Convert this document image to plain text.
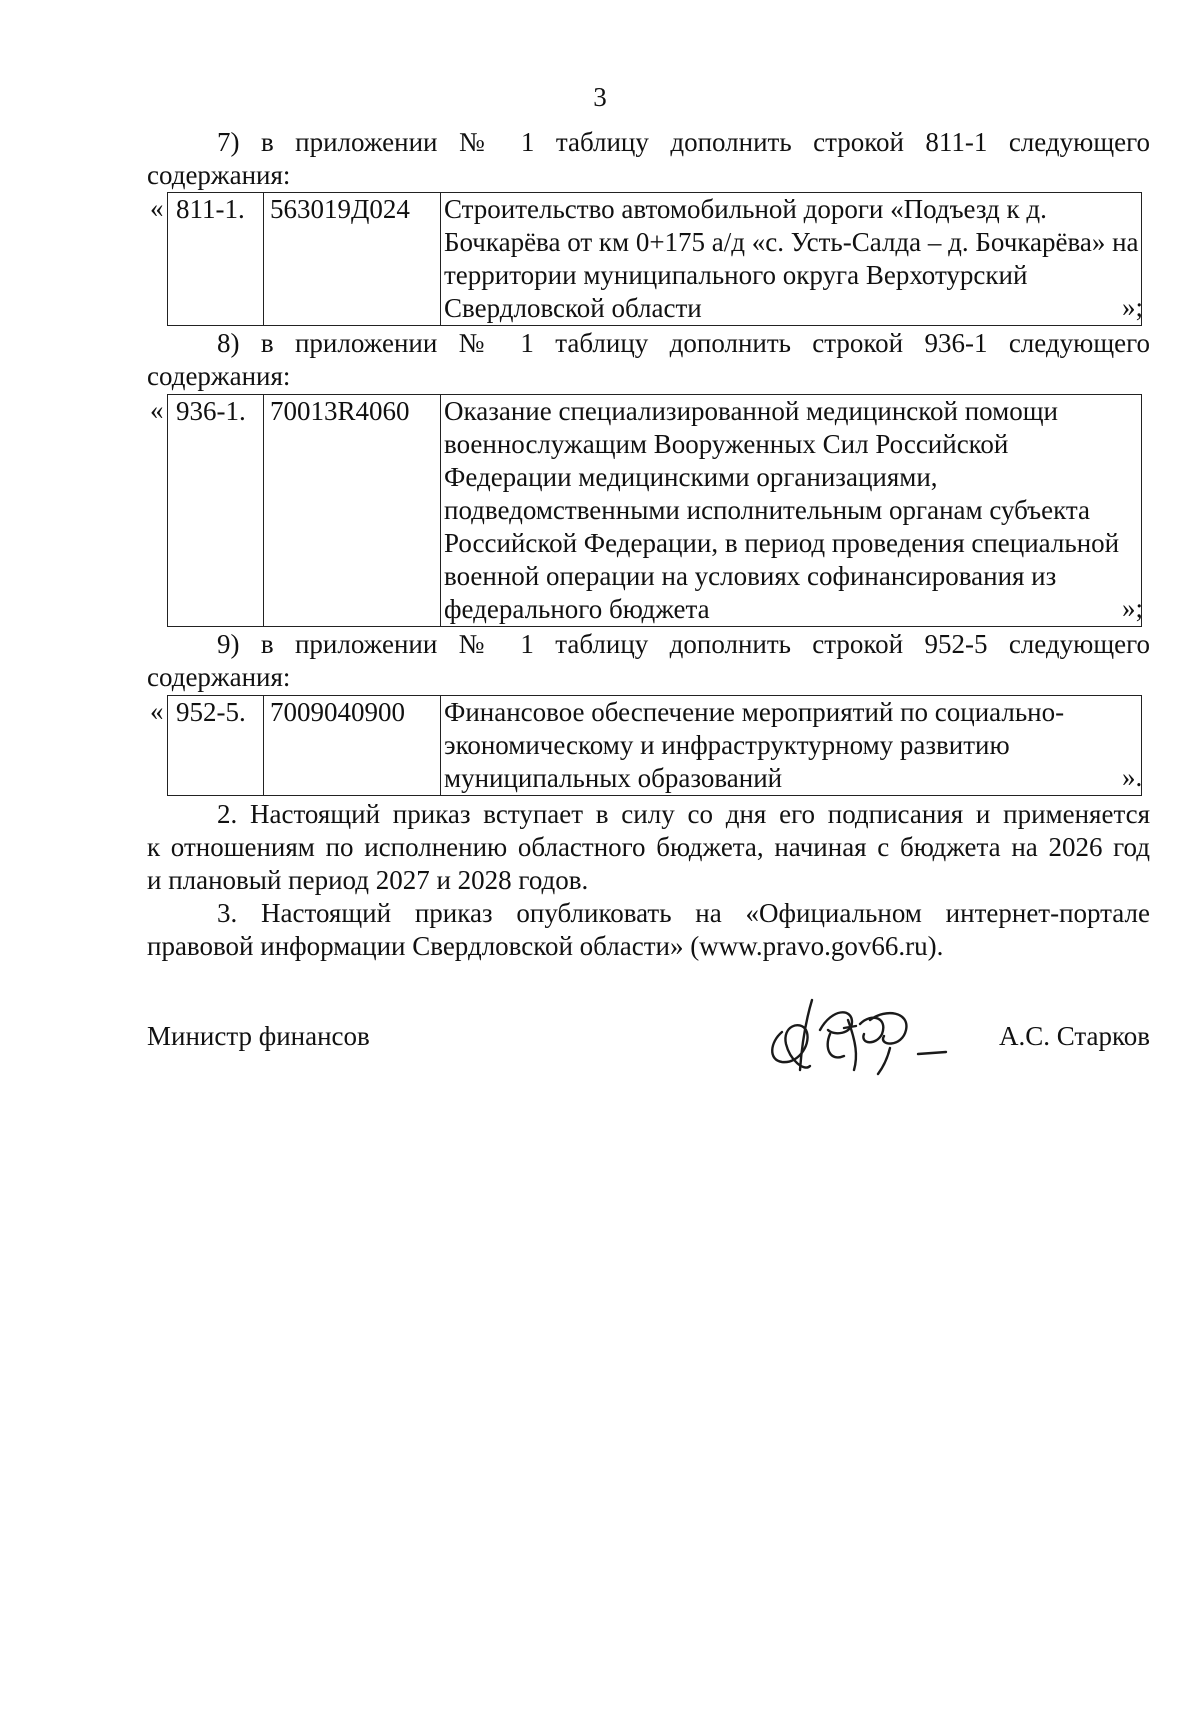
3
7) в приложении № 1 таблицу дополнить строкой 811-1 следующего
содержания:
« 811-1.	563019Д024	Строительство автомобильной дороги «Подъезд к д. Бочкарёва от км 0+175 а/д «с. Усть-Салда – д. Бочкарёва» на территории муниципального округа Верхотурский Свердловской области	»;
8) в приложении № 1 таблицу дополнить строкой 936-1 следующего
содержания:
« 936-1.	70013R4060	Оказание специализированной медицинской помощи военнослужащим Вооруженных Сил Российской Федерации медицинскими организациями, подведомственными исполнительным органам субъекта Российской Федерации, в период проведения специальной военной операции на условиях софинансирования из федерального бюджета	»;
9) в приложении № 1 таблицу дополнить строкой 952-5 следующего
содержания:
« 952-5.	7009040900	Финансовое обеспечение мероприятий по социально-экономическому и инфраструктурному развитию муниципальных образований	».
2. Настоящий приказ вступает в силу со дня его подписания и применяется
к отношениям по исполнению областного бюджета, начиная с бюджета на 2026 год
и плановый период 2027 и 2028 годов.
3. Настоящий приказ опубликовать на «Официальном интернет-портале
правовой информации Свердловской области» (www.pravo.gov66.ru).
Министр финансов	А.С. Старков
